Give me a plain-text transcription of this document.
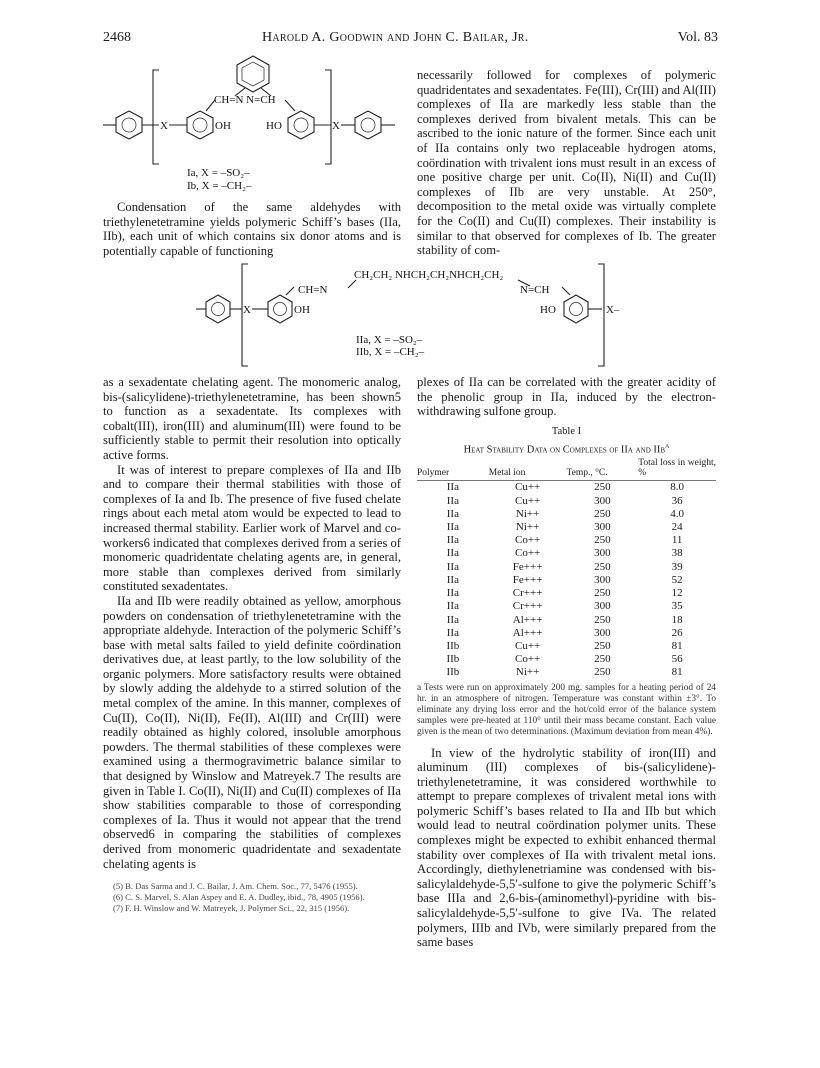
2468	Harold A. Goodwin and John C. Bailar, Jr.	Vol. 83
CH=N N=CH
X	X
OH	HO
Ia, X = –SO₂–
Ib, X = –CH₂–

Condensation of the same aldehydes with triethylenetetramine yields polymeric Schiff’s bases (IIa, IIb), each unit of which contains six donor atoms and is potentially capable of functioning

necessarily followed for complexes of polymeric quadridentates and sexadentates. Fe(III), Cr(III) and Al(III) complexes of IIa are markedly less stable than the complexes derived from bivalent metals. This can be ascribed to the ionic nature of the former. Since each unit of IIa contains only two replaceable hydrogen atoms, coördination with trivalent ions must result in an excess of one positive charge per unit. Co(II), Ni(II) and Cu(II) complexes of IIb are very unstable. At 250°, decomposition to the metal oxide was virtually complete for the Co(II) and Cu(II) complexes. Their instability is similar to that observed for complexes of Ib. The greater stability of com-

CH₂CH₂ NHCH₂CH₂NHCH₂CH₂
CH=N	N=CH
X	X–
OH	HO
IIa, X = –SO₂–
IIb, X = –CH₂–

as a sexadentate chelating agent. The monomeric analog, bis-(salicylidene)-triethylenetetramine, has been shown5 to function as a sexadentate. Its complexes with cobalt(III), iron(III) and aluminum(III) were found to be sufficiently stable to permit their resolution into optically active forms.

It was of interest to prepare complexes of IIa and IIb and to compare their thermal stabilities with those of complexes of Ia and Ib. The presence of five fused chelate rings about each metal atom would be expected to lead to increased thermal stability. Earlier work of Marvel and co-workers6 indicated that complexes derived from a series of monomeric quadridentate chelating agents are, in general, more stable than complexes derived from similarly constituted sexadentates.

IIa and IIb were readily obtained as yellow, amorphous powders on condensation of triethylenetetramine with the appropriate aldehyde. Interaction of the polymeric Schiff’s base with metal salts failed to yield definite coördination derivatives due, at least partly, to the low solubility of the organic polymers. More satisfactory results were obtained by slowly adding the aldehyde to a stirred solution of the metal complex of the amine. In this manner, complexes of Cu(II), Co(II), Ni(II), Fe(II), Al(III) and Cr(III) were readily obtained as highly colored, insoluble amorphous powders. The thermal stabilities of these complexes were examined using a thermogravimetric balance similar to that designed by Winslow and Matreyek.7 The results are given in Table I. Co(II), Ni(II) and Cu(II) complexes of IIa show stabilities comparable to those of corresponding complexes of Ia. Thus it would not appear that the trend observed6 in comparing the stabilities of complexes derived from monomeric quadridentate and sexadentate chelating agents is

(5) B. Das Sarma and J. C. Bailar, J. Am. Chem. Soc., 77, 5476 (1955).

(6) C. S. Marvel, S. Alan Aspey and E. A. Dudley, ibid., 78, 4905 (1956).

(7) F. H. Winslow and W. Matreyek, J. Polymer Sci., 22, 315 (1956).

plexes of IIa can be correlated with the greater acidity of the phenolic group in IIa, induced by the electron-withdrawing sulfone group.

Table I
Heat Stability Data on Complexes of IIa and IIb$^a$
Polymer	Metal ion	Temp., °C.	Total loss in weight, %
IIa	Cu++	250	8.0
IIa	Cu++	300	36
IIa	Ni++	250	4.0
IIa	Ni++	300	24
IIa	Co++	250	11
IIa	Co++	300	38
IIa	Fe+++	250	39
IIa	Fe+++	300	52
IIa	Cr+++	250	12
IIa	Cr+++	300	35
IIa	Al+++	250	18
IIa	Al+++	300	26
IIb	Cu++	250	81
IIb	Co++	250	56
IIb	Ni++	250	81
a Tests were run on approximately 200 mg. samples for a heating period of 24 hr. in an atmosphere of nitrogen. Temperature was constant within ±3°. To eliminate any drying loss error and the hot/cold error of the balance system samples were pre-heated at 110° until their mass became constant. Each value given is the mean of two determinations. (Maximum deviation from mean 4%).

In view of the hydrolytic stability of iron(III) and aluminum (III) complexes of bis-(salicylidene)-triethylenetetramine, it was considered worthwhile to attempt to prepare complexes of trivalent metal ions with polymeric Schiff’s bases related to IIa and IIb but which would lead to neutral coördination polymer units. These complexes might be expected to exhibit enhanced thermal stability over complexes of IIa with trivalent metal ions. Accordingly, diethylenetriamine was condensed with bis-salicylaldehyde-5,5′-sulfone to give the polymeric Schiff’s base IIIa and 2,6-bis-(aminomethyl)-pyridine with bis-salicylaldehyde-5,5′-sulfone to give IVa. The related polymers, IIIb and IVb, were similarly prepared from the same bases
